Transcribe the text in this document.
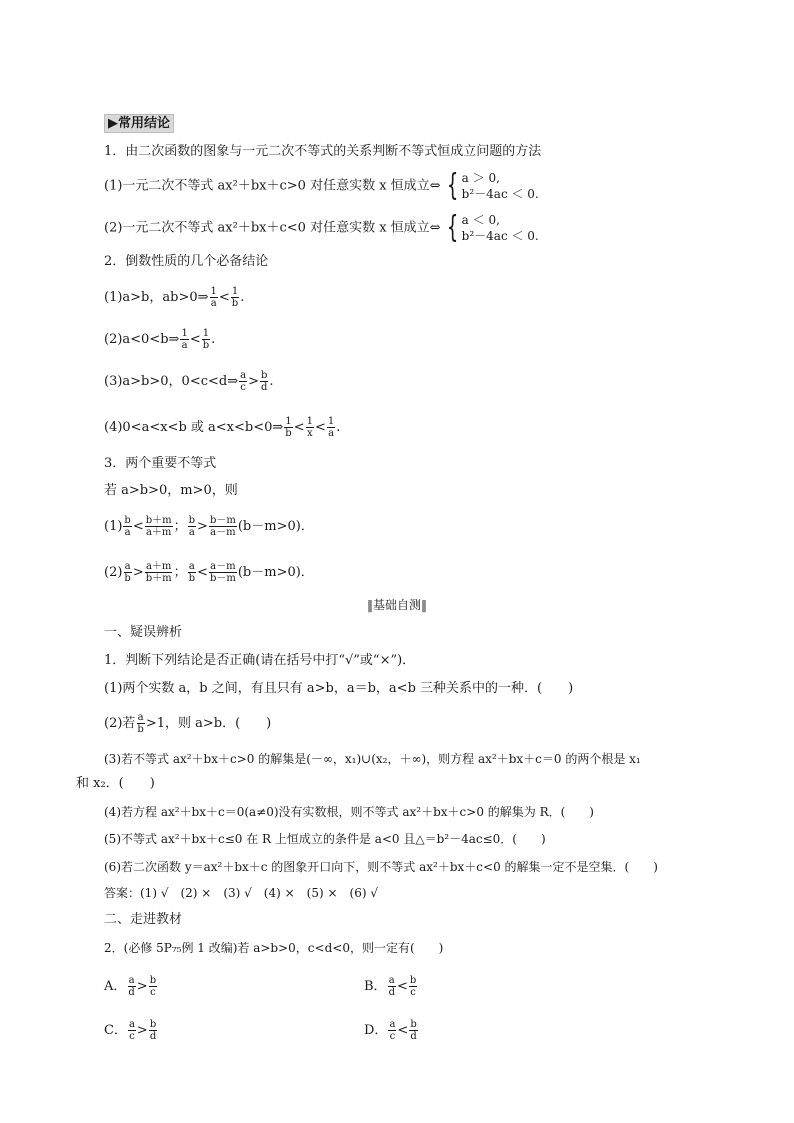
▶常用结论
1．由二次函数的图象与一元二次不等式的关系判断不等式恒成立问题的方法
(1)一元二次不等式 ax²＋bx＋c>0 对任意实数 x 恒成立⇔ { a ＞ 0,
b²－4ac ＜ 0.
(2)一元二次不等式 ax²＋bx＋c<0 对任意实数 x 恒成立⇔ { a ＜ 0,
b²－4ac ＜ 0.
2．倒数性质的几个必备结论
(1)a>b，ab>0⇒ $\frac{1}{a} < \frac{1}{b}$ .
(2)a<0<b⇒ $\frac{1}{a} < \frac{1}{b}$ .
(3)a>b>0，0<c<d⇒ $\frac{a}{c} > \frac{b}{d}$ .
(4)0<a<x<b 或 a<x<b<0⇒ $\frac{1}{b} < \frac{1}{x} < \frac{1}{a}$ .
3．两个重要不等式
若 a>b>0，m>0，则
$(1) \frac{b}{a} < \frac{b+m}{a+m}$ ； $\frac{b}{a} > \frac{b-m}{a-m} (b-m>0)$．
$(2) \frac{a}{b} > \frac{a+m}{b+m}$ ； $\frac{a}{b} < \frac{a-m}{b-m} (b-m>0)$．
‖基础自测‖
一、疑误辨析
1．判断下列结论是否正确(请在括号中打“√”或“×”)．
(1)两个实数 a，b 之间，有且只有 a>b，a＝b，a<b 三种关系中的一种．(　　)
(2)若 $\frac{a}{b} >1$，则 a>b．(　　)
(3)若不等式 ax²＋bx＋c>0 的解集是(－∞，x₁)∪(x₂，＋∞)，则方程 ax²＋bx＋c＝0 的两个根是 x₁
和 x₂．(　　)
(4)若方程 ax²＋bx＋c＝0(a≠0)没有实数根，则不等式 ax²＋bx＋c>0 的解集为 R．(　　)
(5)不等式 ax²＋bx＋c≤0 在 R 上恒成立的条件是 a<0 且△＝b²－4ac≤0．(　　)
(6)若二次函数 y＝ax²＋bx＋c 的图象开口向下，则不等式 ax²＋bx＋c<0 的解集一定不是空集．(　　)
答案：(1) √　(2) ×　(3) √　(4) ×　(5) ×　(6) √
二、走进教材
2．(必修 5P₇₅例 1 改编)若 a>b>0，c<d<0，则一定有(　　)
A． $\frac{a}{d} > \frac{b}{c}$	B． $\frac{a}{d} < \frac{b}{c}$
C． $\frac{a}{c} > \frac{b}{d}$	D． $\frac{a}{c} < \frac{b}{d}$
